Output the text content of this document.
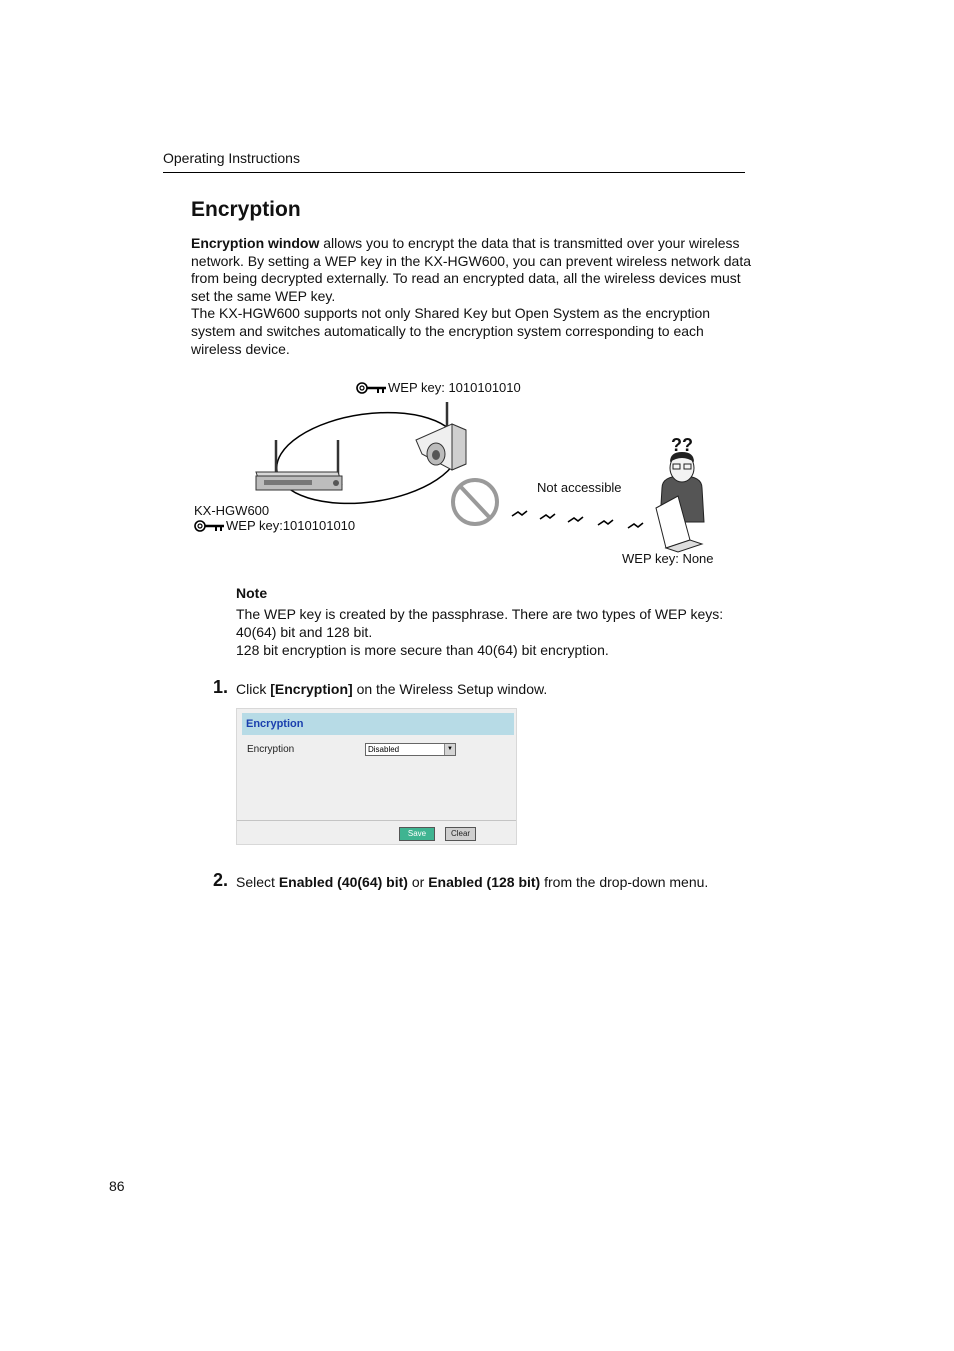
Operating Instructions
Encryption

Encryption window allows you to encrypt the data that is transmitted over your wireless network. By setting a WEP key in the KX-HGW600, you can prevent wireless network data from being decrypted externally. To read an encrypted data, all the wireless devices must set the same WEP key.

The KX-HGW600 supports not only Shared Key but Open System as the encryption system and switches automatically to the encryption system corresponding to each wireless device.

WEP key: 1010101010
KX-HGW600
WEP key:1010101010
Not accessible
??
WEP key: None
Note

The WEP key is created by the passphrase. There are two types of WEP keys: 40(64) bit and 128 bit.

128 bit encryption is more secure than 40(64) bit encryption.

1. Click [Encryption] on the Wireless Setup window.
Encryption
Encryption	Disabled	▼
Save	Clear
2. Select Enabled (40(64) bit) or Enabled (128 bit) from the drop-down menu.
86
